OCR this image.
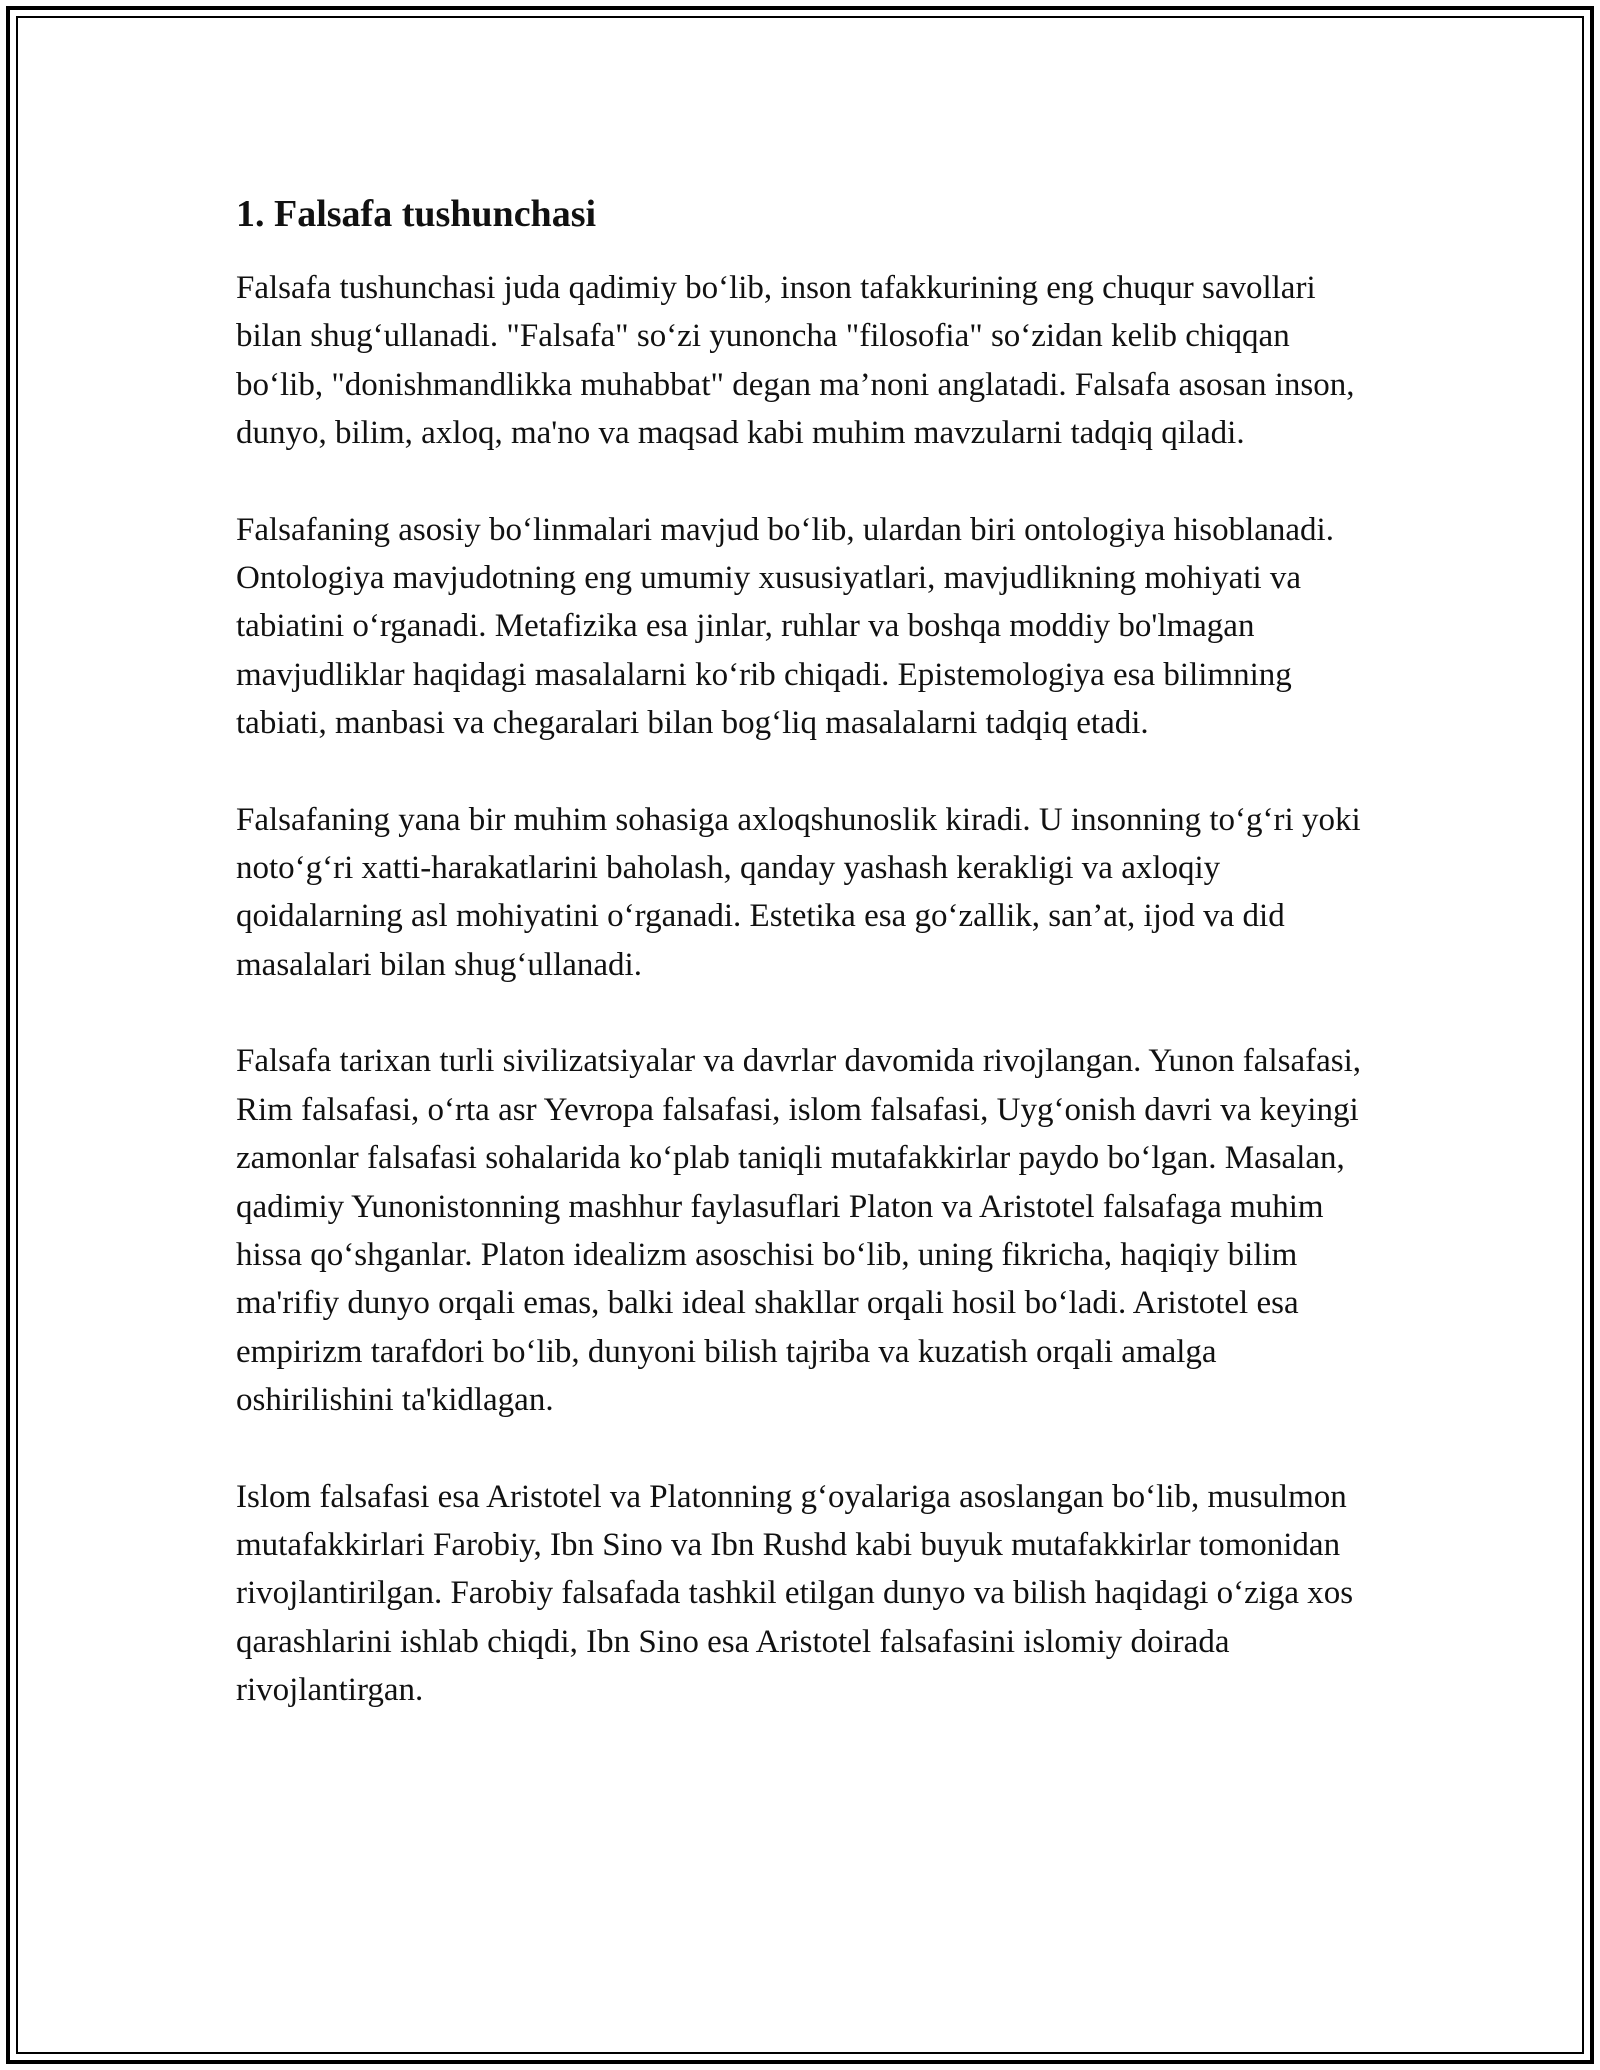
1. Falsafa tushunchasi

Falsafa tushunchasi juda qadimiy bo‘lib, inson tafakkurining eng chuqur savollari bilan shug‘ullanadi. "Falsafa" so‘zi yunoncha "filosofia" so‘zidan kelib chiqqan bo‘lib, "donishmandlikka muhabbat" degan ma’noni anglatadi. Falsafa asosan inson, dunyo, bilim, axloq, ma'no va maqsad kabi muhim mavzularni tadqiq qiladi.

Falsafaning asosiy bo‘linmalari mavjud bo‘lib, ulardan biri ontologiya hisoblanadi. Ontologiya mavjudotning eng umumiy xususiyatlari, mavjudlikning mohiyati va tabiatini o‘rganadi. Metafizika esa jinlar, ruhlar va boshqa moddiy bo'lmagan mavjudliklar haqidagi masalalarni ko‘rib chiqadi. Epistemologiya esa bilimning tabiati, manbasi va chegaralari bilan bog‘liq masalalarni tadqiq etadi.

Falsafaning yana bir muhim sohasiga axloqshunoslik kiradi. U insonning to‘g‘ri yoki noto‘g‘ri xatti-harakatlarini baholash, qanday yashash kerakligi va axloqiy qoidalarning asl mohiyatini o‘rganadi. Estetika esa go‘zallik, san’at, ijod va did masalalari bilan shug‘ullanadi.

Falsafa tarixan turli sivilizatsiyalar va davrlar davomida rivojlangan. Yunon falsafasi, Rim falsafasi, o‘rta asr Yevropa falsafasi, islom falsafasi, Uyg‘onish davri va keyingi zamonlar falsafasi sohalarida ko‘plab taniqli mutafakkirlar paydo bo‘lgan. Masalan, qadimiy Yunonistonning mashhur faylasuflari Platon va Aristotel falsafaga muhim hissa qo‘shganlar. Platon idealizm asoschisi bo‘lib, uning fikricha, haqiqiy bilim ma'rifiy dunyo orqali emas, balki ideal shakllar orqali hosil bo‘ladi. Aristotel esa empirizm tarafdori bo‘lib, dunyoni bilish tajriba va kuzatish orqali amalga oshirilishini ta'kidlagan.

Islom falsafasi esa Aristotel va Platonning g‘oyalariga asoslangan bo‘lib, musulmon mutafakkirlari Farobiy, Ibn Sino va Ibn Rushd kabi buyuk mutafakkirlar tomonidan rivojlantirilgan. Farobiy falsafada tashkil etilgan dunyo va bilish haqidagi o‘ziga xos qarashlarini ishlab chiqdi, Ibn Sino esa Aristotel falsafasini islomiy doirada rivojlantirgan.
